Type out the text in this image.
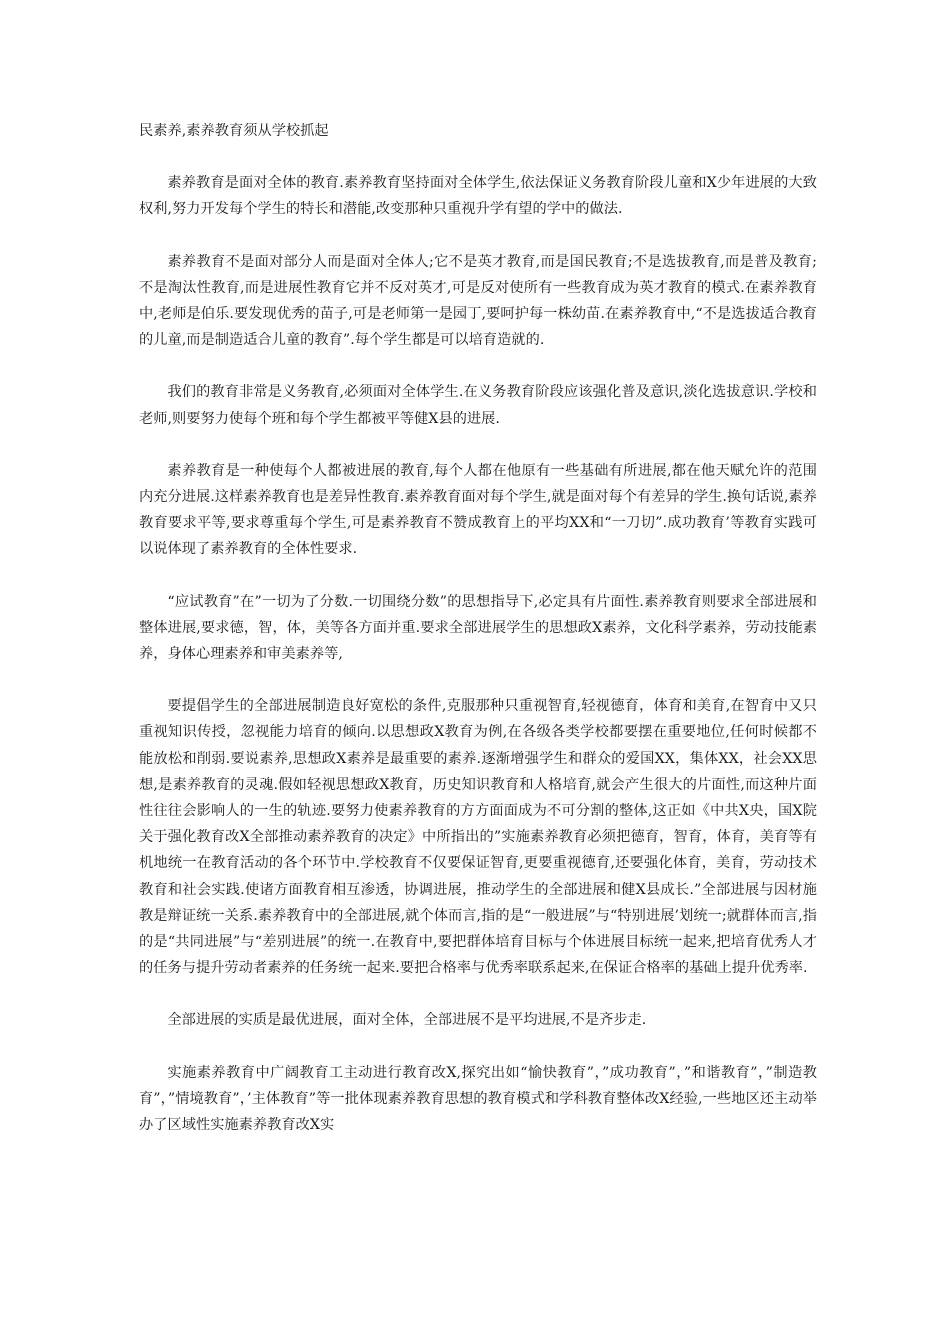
民素养,素养教育须从学校抓起

素养教育是面对全体的教育.素养教育坚持面对全体学生,依法保证义务教育阶段儿童和X少年进展的大致权利,努力开发每个学生的特长和潜能,改变那种只重视升学有望的学中的做法.

素养教育不是面对部分人而是面对全体人;它不是英才教育,而是国民教育;不是选拔教育,而是普及教育;不是淘汰性教育,而是进展性教育它并不反对英才,可是反对使所有一些教育成为英才教育的模式.在素养教育中,老师是伯乐.要发现优秀的苗子,可是老师第一是园丁,要呵护每一株幼苗.在素养教育中,“不是选拔适合教育的儿童,而是制造适合儿童的教育”.每个学生都是可以培育造就的.

我们的教育非常是义务教育,必须面对全体学生.在义务教育阶段应该强化普及意识,淡化选拔意识.学校和老师,则要努力使每个班和每个学生都被平等健X县的进展.

素养教育是一种使每个人都被进展的教育,每个人都在他原有一些基础有所进展,都在他天赋允许的范围内充分进展.这样素养教育也是差异性教育.素养教育面对每个学生,就是面对每个有差异的学生.换句话说,素养教育要求平等,要求尊重每个学生,可是素养教育不赞成教育上的平均XX和“一刀切”.成功教育’等教育实践可以说体现了素养教育的全体性要求.

“应试教育”在”一切为了分数.一切围绕分数”的思想指导下,必定具有片面性.素养教育则要求全部进展和整体进展,要求德，智，体，美等各方面并重.要求全部进展学生的思想政X素养，文化科学素养，劳动技能素养，身体心理素养和审美素养等,

要提倡学生的全部进展制造良好宽松的条件,克服那种只重视智育,轻视德育，体育和美育,在智育中又只重视知识传授，忽视能力培育的倾向.以思想政X教育为例,在各级各类学校都要摆在重要地位,任何时候都不能放松和削弱.要说素养,思想政X素养是最重要的素养.逐渐增强学生和群众的爱国XX，集体XX，社会XX思想,是素养教育的灵魂.假如轻视思想政X教育，历史知识教育和人格培育,就会产生很大的片面性,而这种片面性往往会影响人的一生的轨迹.要努力使素养教育的方方面面成为不可分割的整体,这正如《中共X央，国X院关于强化教育改X全部推动素养教育的决定》中所指出的”实施素养教育必须把德育，智育，体育，美育等有机地统一在教育活动的各个环节中.学校教育不仅要保证智育,更要重视德育,还要强化体育，美育，劳动技术教育和社会实践.使诸方面教育相互渗透，协调进展，推动学生的全部进展和健X县成长.”全部进展与因材施教是辩证统一关系.素养教育中的全部进展,就个体而言,指的是“一般进展”与“特别进展’划统一;就群体而言,指的是“共同进展”与“差别进展”的统一.在教育中,要把群体培育目标与个体进展目标统一起来,把培育优秀人才的任务与提升劳动者素养的任务统一起来.要把合格率与优秀率联系起来,在保证合格率的基础上提升优秀率.

全部进展的实质是最优进展，面对全体，全部进展不是平均进展,不是齐步走.

实施素养教育中广阔教育工主动进行教育改X,探究出如“愉快教育”，”成功教育”，”和谐教育”，”制造教育”，”情境教育”，’主体教育”等一批体现素养教育思想的教育模式和学科教育整体改X经验,一些地区还主动举办了区域性实施素养教育改X实
